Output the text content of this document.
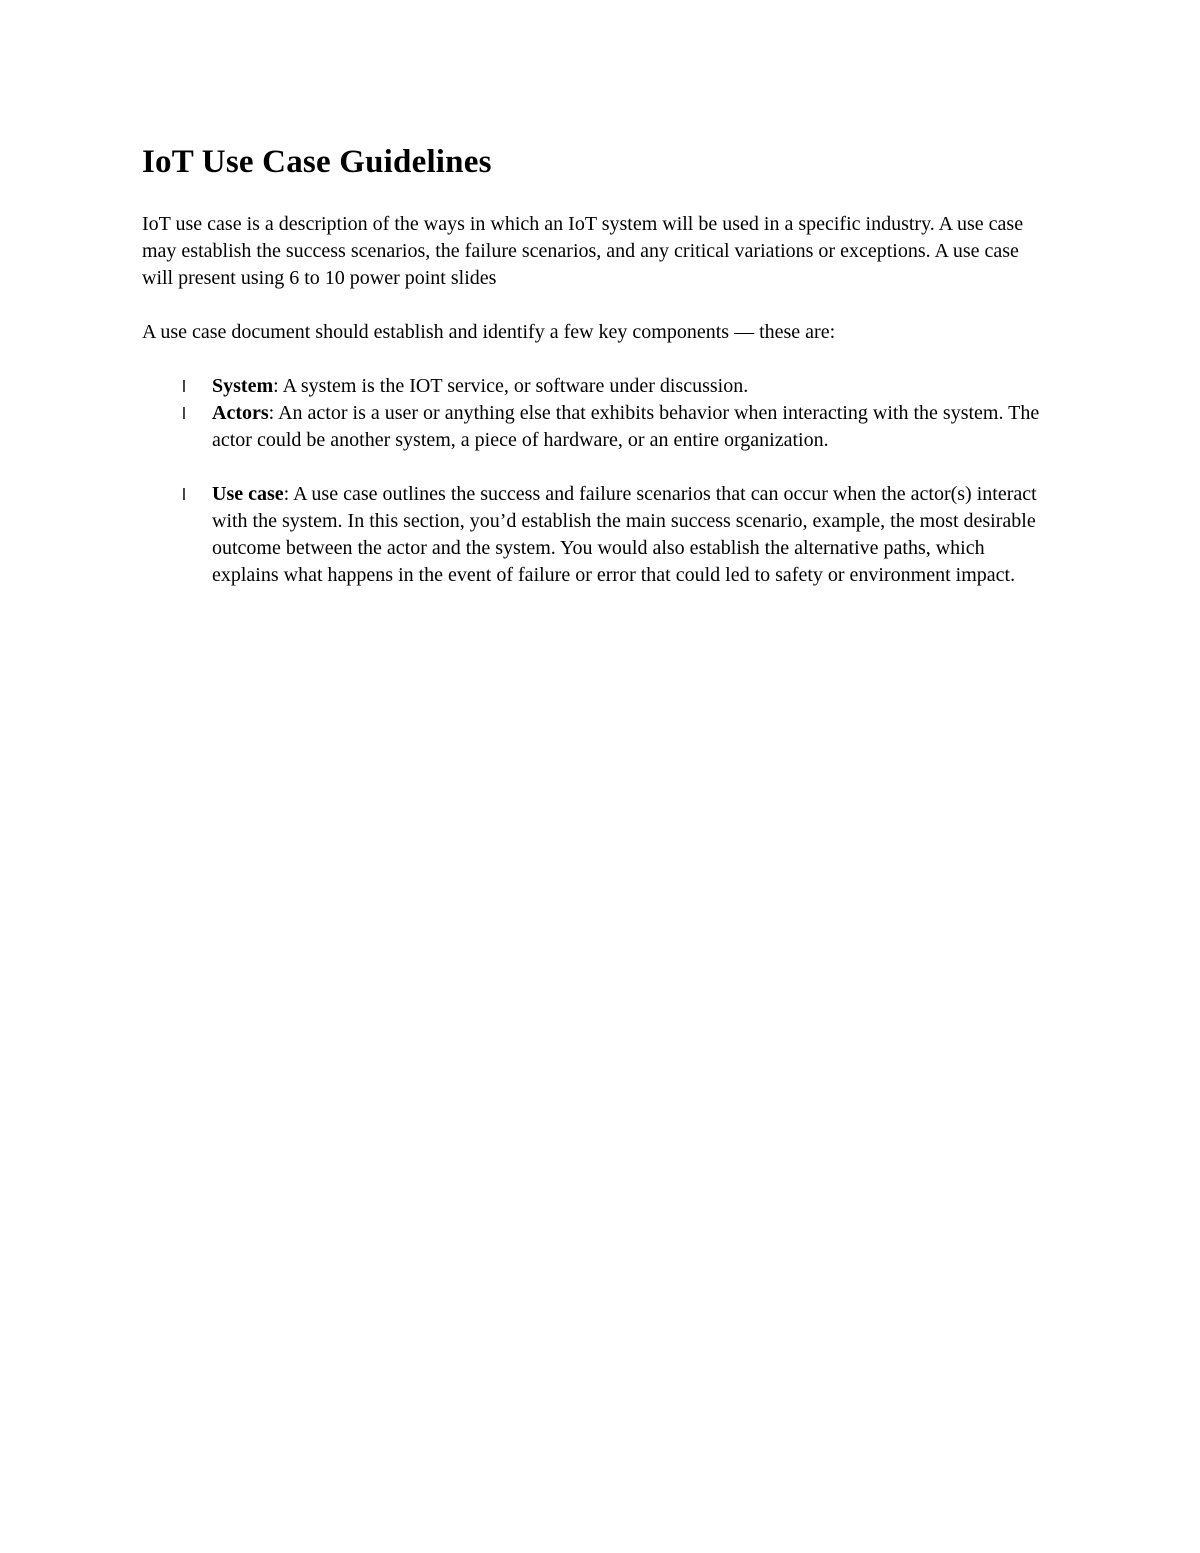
IoT Use Case Guidelines

IoT use case is a description of the ways in which an IoT system will be used in a specific industry. A use case may establish the success scenarios, the failure scenarios, and any critical variations or exceptions. A use case will present using 6 to 10 power point slides

A use case document should establish and identify a few key components — these are:

l System: A system is the IOT service, or software under discussion.
l Actors: An actor is a user or anything else that exhibits behavior when interacting with the system. The actor could be another system, a piece of hardware, or an entire organization.
l Use case: A use case outlines the success and failure scenarios that can occur when the actor(s) interact with the system. In this section, you’d establish the main success scenario, example, the most desirable outcome between the actor and the system. You would also establish the alternative paths, which explains what happens in the event of failure or error that could led to safety or environment impact.
